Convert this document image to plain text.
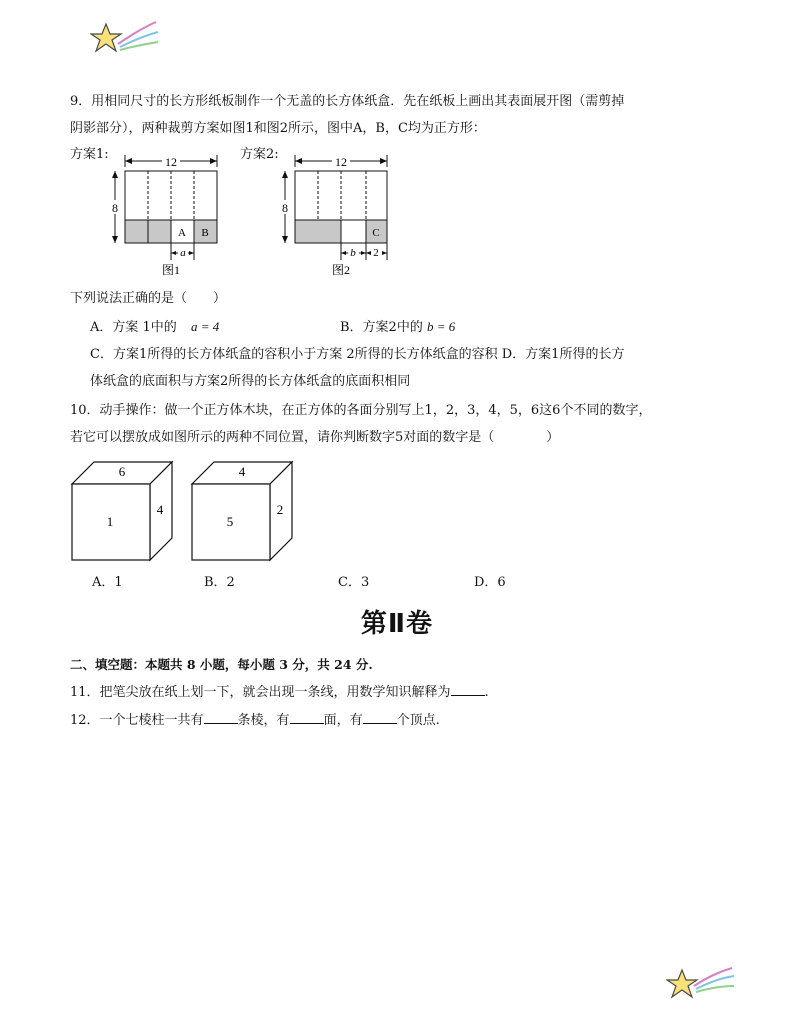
9．用相同尺寸的长方形纸板制作一个无盖的长方体纸盒．先在纸板上画出其表面展开图（需剪掉
阴影部分），两种裁剪方案如图1和图2所示，图中A，B，C均为正方形：
方案1:	12
8
A B
a
图1
方案2:	12
8
C
b 2
图2
下列说法正确的是（　　）
A．方案 1中的 a = 4	B．方案2中的 b = 6
C．方案1所得的长方体纸盒的容积小于方案 2所得的长方体纸盒的容积 D．方案1所得的长方
体纸盒的底面积与方案2所得的长方体纸盒的底面积相同
10．动手操作：做一个正方体木块，在正方体的各面分别写上1，2，3，4，5，6这6个不同的数字，
若它可以摆放成如图所示的两种不同位置，请你判断数字5对面的数字是（　　　　）
6
1
4
4
5
2
A．1	B．2	C．3	D．6
第Ⅱ卷
二、填空题：本题共 8 小题，每小题 3 分，共 24 分.
11．把笔尖放在纸上划一下，就会出现一条线，用数学知识解释为	.
12．一个七棱柱一共有	条棱，有	面，有	个顶点.
